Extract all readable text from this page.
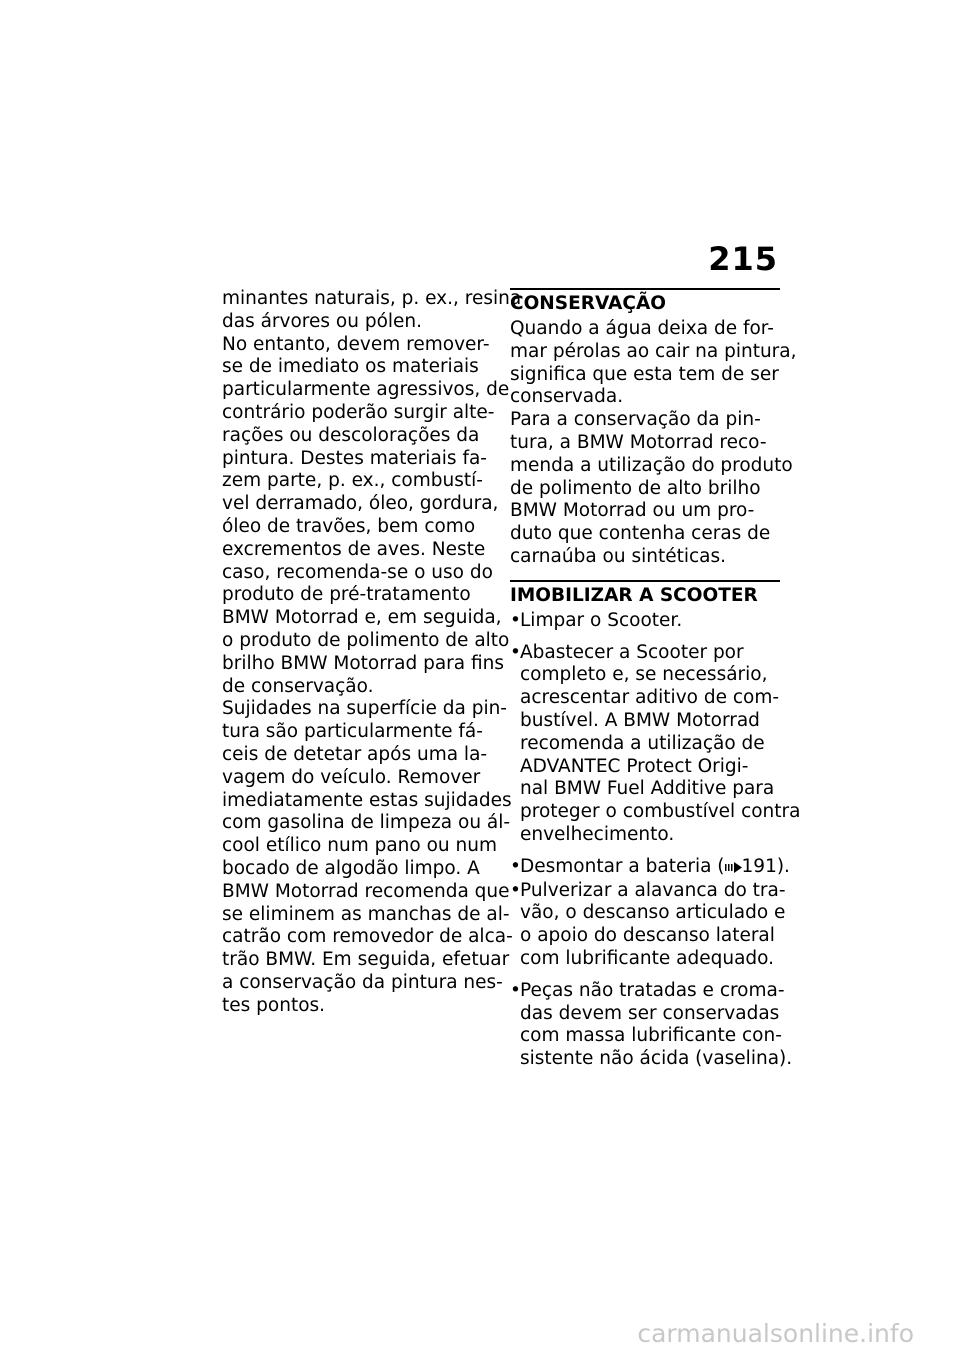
215
minantes naturais, p. ex., resina
das árvores ou pólen.
No entanto, devem remover-
se de imediato os materiais
particularmente agressivos, de
contrário poderão surgir alte-
rações ou descolorações da
pintura. Destes materiais fa-
zem parte, p. ex., combustí-
vel derramado, óleo, gordura,
óleo de travões, bem como
excrementos de aves. Neste
caso, recomenda-se o uso do
produto de pré-tratamento
BMW Motorrad e, em seguida,
o produto de polimento de alto
brilho BMW Motorrad para fins
de conservação.
Sujidades na superfície da pin-
tura são particularmente fá-
ceis de detetar após uma la-
vagem do veículo. Remover
imediatamente estas sujidades
com gasolina de limpeza ou ál-
cool etílico num pano ou num
bocado de algodão limpo. A
BMW Motorrad recomenda que
se eliminem as manchas de al-
catrão com removedor de alca-
trão BMW. Em seguida, efetuar
a conservação da pintura nes-
tes pontos.
CONSERVAÇÃO
Quando a água deixa de for-
mar pérolas ao cair na pintura,
significa que esta tem de ser
conservada.
Para a conservação da pin-
tura, a BMW Motorrad reco-
menda a utilização do produto
de polimento de alto brilho
BMW Motorrad ou um pro-
duto que contenha ceras de
carnaúba ou sintéticas.
IMOBILIZAR A SCOOTER
• Limpar o Scooter.
• Abastecer a Scooter por
completo e, se necessário,
acrescentar aditivo de com-
bustível. A BMW Motorrad
recomenda a utilização de
ADVANTEC Protect Origi-
nal BMW Fuel Additive para
proteger o combustível contra
envelhecimento.
• Desmontar a bateria ( 191).
• Pulverizar a alavanca do tra-
vão, o descanso articulado e
o apoio do descanso lateral
com lubrificante adequado.
• Peças não tratadas e croma-
das devem ser conservadas
com massa lubrificante con-
sistente não ácida (vaselina).
carmanualsonline.info
